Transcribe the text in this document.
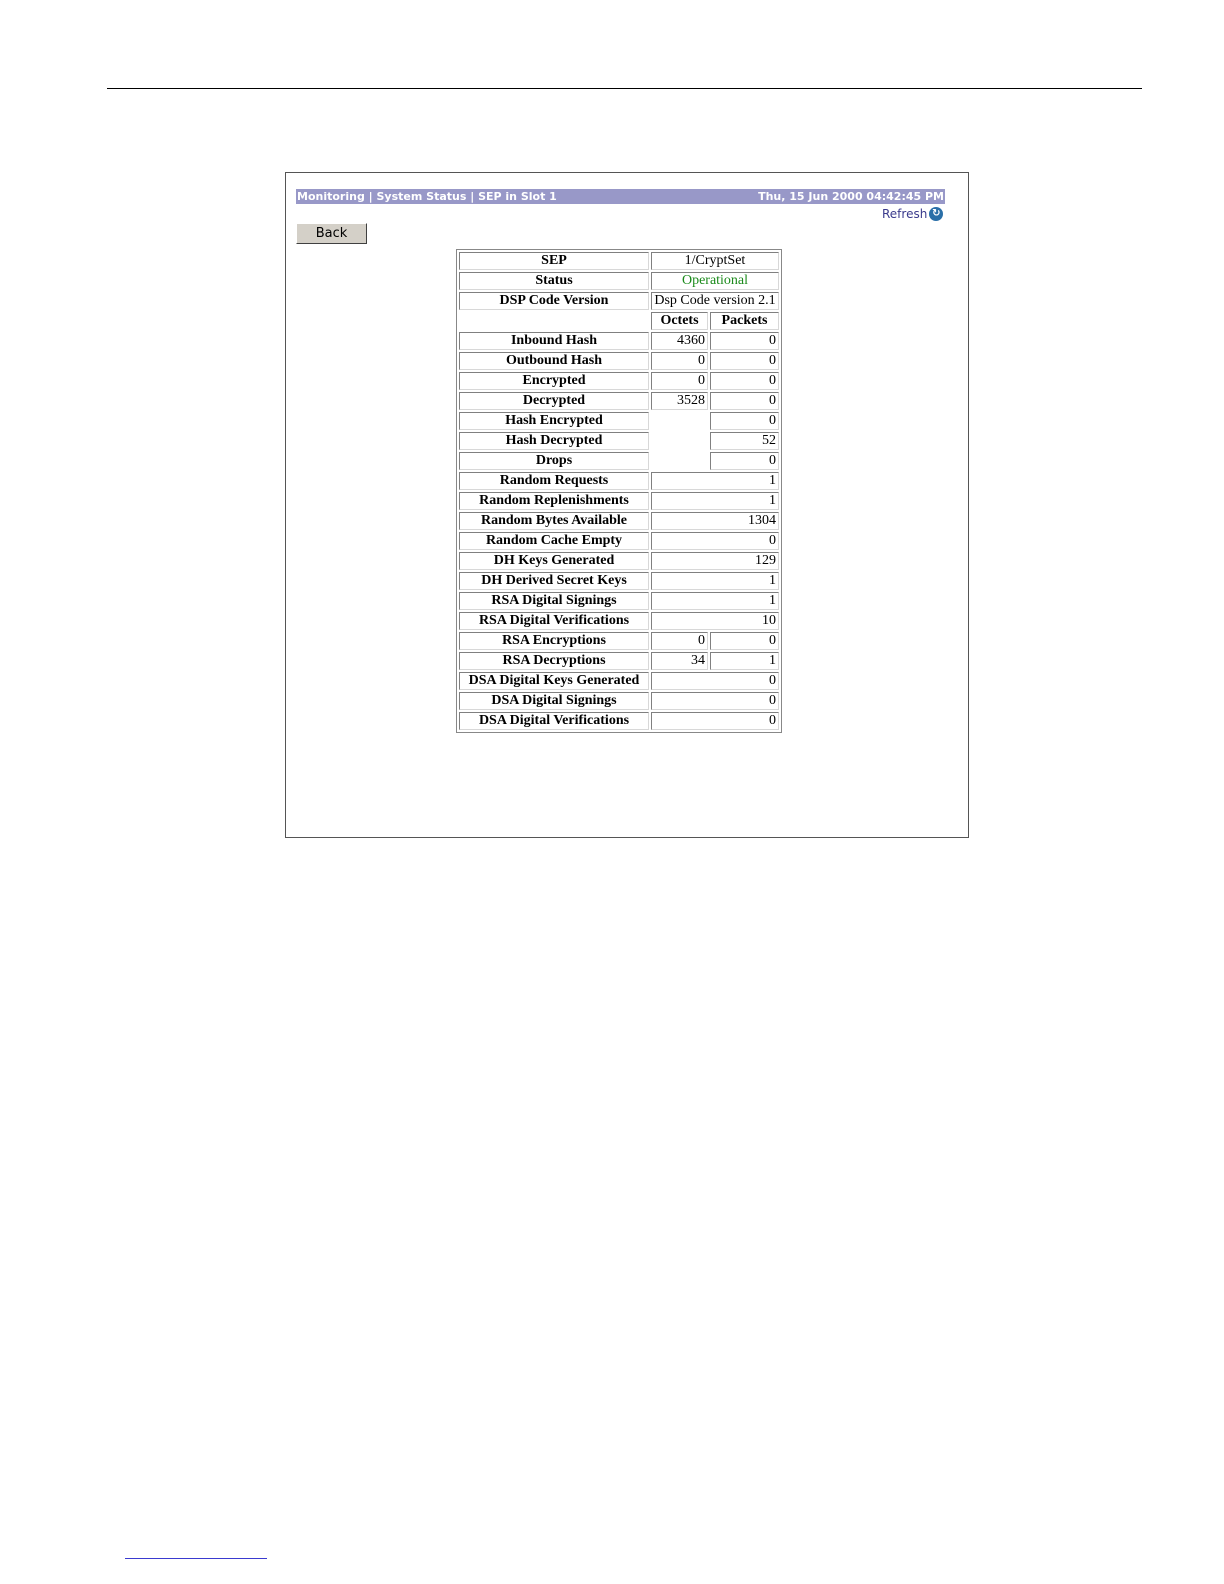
Monitoring | System Status | SEP in Slot 1	Thu, 15 Jun 2000 04:42:45 PM
Refresh ↻
Back
SEP	1/CryptSet	
Status	Operational	
DSP Code Version	Dsp Code version 2.1	
	Octets	Packets
Inbound Hash	4360	0
Outbound Hash	0	0
Encrypted	0	0
Decrypted	3528	0
Hash Encrypted		0
Hash Decrypted		52
Drops		0
Random Requests	1	
Random Replenishments	1	
Random Bytes Available	1304	
Random Cache Empty	0	
DH Keys Generated	129	
DH Derived Secret Keys	1	
RSA Digital Signings	1	
RSA Digital Verifications	10	
RSA Encryptions	0	0
RSA Decryptions	34	1
DSA Digital Keys Generated	0	
DSA Digital Signings	0	
DSA Digital Verifications	0	
